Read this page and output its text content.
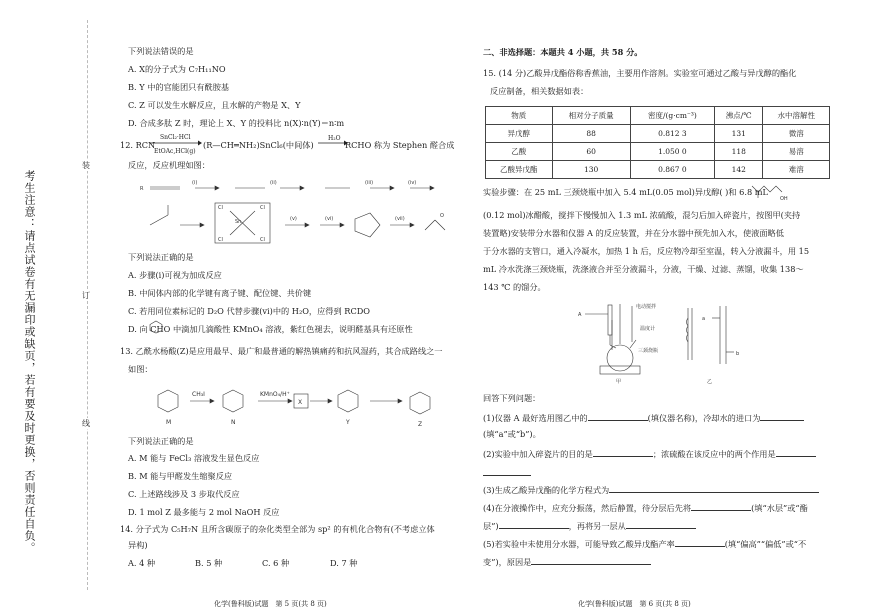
考生注意：请点试卷有无漏印或缺页，若有要及时更换，否则责任自负。
装
订
线
下列说法错误的是
A. X的分子式为 C₇H₁₁NO
B. Y 中的官能团只有酰胺基
C. Z 可以发生水解反应，且水解的产物是 X、Y
D. 合成多肽 Z 时，理论上 X、Y 的投料比 n(X)∶n(Y)＝n∶m
12. RCN
SnCl₂·HCl
EtOAc,HCl(g)
→ (R—CH═NH₂)SnCl₆(中间体)
H₂O
RCHO 称为 Stephen 醛合成
反应，反应机理如图：
R
(i)	(ii)	(iii)	(iv)
(v)	(vi)	(vii)
Sn
Cl	Cl
Cl	Cl
O
下列说法正确的是
A. 步骤(i)可视为加成反应
B. 中间体内部的化学键有离子键、配位键、共价键
C. 若用同位素标记的 D₂O 代替步骤(vi)中的 H₂O，应得到 RCDO
D. 向 CHO 中滴加几滴酸性 KMnO₄ 溶液，紫红色褪去，说明醛基具有还原性
13. 乙酰水杨酸(Z)是应用最早、最广和最普通的解热镇痛药和抗风湿药，其合成路线之一
如图：
M	N
X
Y	Z
CH₃I	KMnO₄/H⁺
下列说法正确的是
A. M 能与 FeCl₃ 溶液发生显色反应
B. M 能与甲醛发生缩聚反应
C. 上述路线涉及 3 步取代反应
D. 1 mol Z 最多能与 2 mol NaOH 反应
14. 分子式为 C₅H₇N 且所含碳原子的杂化类型全部为 sp² 的有机化合物有(不考虑立体
异构)
A. 4 种	B. 5 种	C. 6 种	D. 7 种
化学(鲁科版)试题　第 5 页(共 8 页)
二、非选择题：本题共 4 小题，共 58 分。
15. (14 分)乙酸异戊酯俗称香蕉油，主要用作溶剂。实验室可通过乙酸与异戊醇的酯化
反应制备，相关数据如表：
物质	相对分子质量	密度/(g·cm⁻³)	沸点/℃	水中溶解性
异戊醇	88	0.812 3	131	微溶
乙酸	60	1.050 0	118	易溶
乙酸异戊酯	130	0.867 0	142	难溶
实验步骤：在 25 mL 三颈烧瓶中加入 5.4 mL(0.05 mol)异戊醇( )和 6.8 mL
OH
(0.12 mol)冰醋酸，搅拌下慢慢加入 1.3 mL 浓硫酸，混匀后加入碎瓷片，按图甲(夹持
装置略)安装带分水器和仪器 A 的反应装置，并在分水器中预先加入水，使液面略低
于分水器的支管口，通入冷凝水，加热 1 h 后，反应物冷却至室温，转入分液漏斗，用 15
mL 冷水洗涤三颈烧瓶，洗涤液合并至分液漏斗，分液，干燥、过滤、蒸馏，收集 138～
143 ℃ 的馏分。
A
电动搅拌
温度计
三颈烧瓶
甲
a
b
乙
回答下列问题：
(1)仪器 A 最好选用图乙中的	(填仪器名称)，冷却水的进口为
(填“a”或“b”)。
(2)实验中加入碎瓷片的目的是	；浓硫酸在该反应中的两个作用是
(3)生成乙酸异戊酯的化学方程式为
(4)在分液操作中，应充分振荡，然后静置，待分层后先将	(填“水层”或“酯
层”)	，再将另一层从
(5)若实验中未使用分水器，可能导致乙酸异戊酯产率	(填“偏高”“偏低”或“不
变”)，原因是
化学(鲁科版)试题　第 6 页(共 8 页)
